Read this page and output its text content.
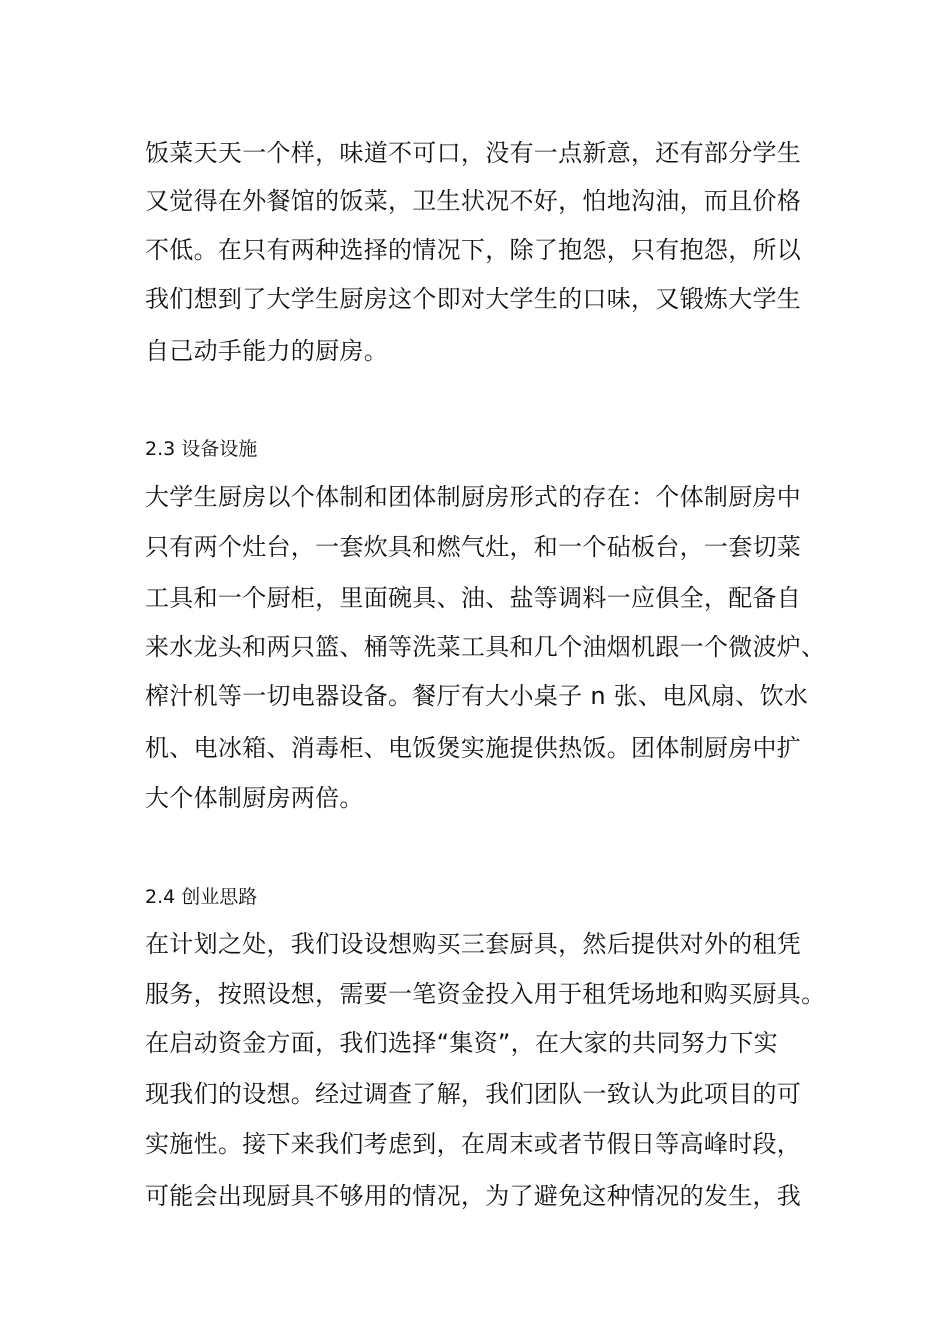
饭菜天天一个样，味道不可口，没有一点新意，还有部分学生
又觉得在外餐馆的饭菜，卫生状况不好，怕地沟油，而且价格
不低。在只有两种选择的情况下，除了抱怨，只有抱怨，所以
我们想到了大学生厨房这个即对大学生的口味，又锻炼大学生
自己动手能力的厨房。
2.3 设备设施
大学生厨房以个体制和团体制厨房形式的存在：个体制厨房中
只有两个灶台，一套炊具和燃气灶，和一个砧板台，一套切菜
工具和一个厨柜，里面碗具、油、盐等调料一应俱全，配备自
来水龙头和两只篮、桶等洗菜工具和几个油烟机跟一个微波炉、
榨汁机等一切电器设备。餐厅有大小桌子 n 张、电风扇、饮水
机、电冰箱、消毒柜、电饭煲实施提供热饭。团体制厨房中扩
大个体制厨房两倍。
2.4 创业思路
在计划之处，我们设设想购买三套厨具，然后提供对外的租凭
服务，按照设想，需要一笔资金投入用于租凭场地和购买厨具。
在启动资金方面，我们选择“集资”，在大家的共同努力下实
现我们的设想。经过调查了解，我们团队一致认为此项目的可
实施性。接下来我们考虑到，在周末或者节假日等高峰时段，
可能会出现厨具不够用的情况，为了避免这种情况的发生，我
